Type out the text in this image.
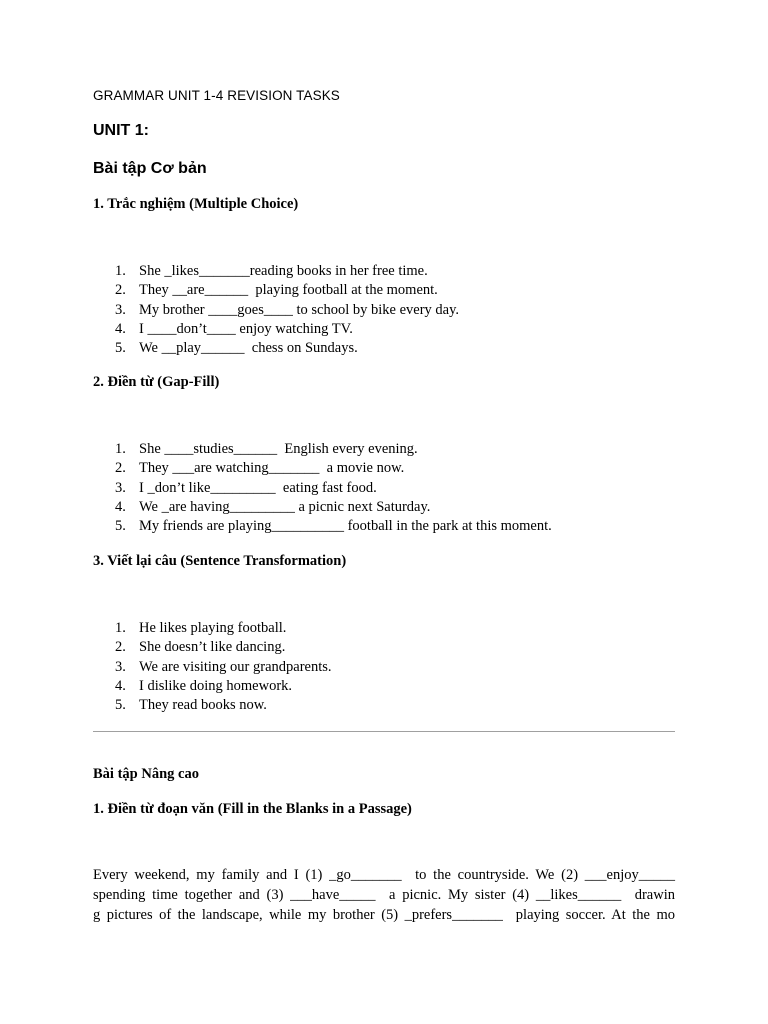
GRAMMAR UNIT 1-4 REVISION TASKS
UNIT 1:
Bài tập Cơ bản
1. Trắc nghiệm (Multiple Choice)
1. She _likes_______reading books in her free time.
2. They __are______  playing football at the moment.
3. My brother ____goes____ to school by bike every day.
4. I ____don’t____ enjoy watching TV.
5. We __play______  chess on Sundays.
2. Điền từ (Gap-Fill)
1. She ____studies______  English every evening.
2. They ___are watching_______  a movie now.
3. I _don’t like_________  eating fast food.
4. We _are having_________ a picnic next Saturday.
5. My friends are playing__________ football in the park at this moment.
3. Viết lại câu (Sentence Transformation)
1. He likes playing football.
2. She doesn’t like dancing.
3. We are visiting our grandparents.
4. I dislike doing homework.
5. They read books now.
Bài tập Nâng cao
1. Điền từ đoạn văn (Fill in the Blanks in a Passage)

Every weekend, my family and I (1) _go_______  to the countryside. We (2) ___enjoy_____
spending time together and (3) ___have_____  a picnic. My sister (4) __likes______  drawin
g pictures of the landscape, while my brother (5) _prefers_______  playing soccer. At the mo
